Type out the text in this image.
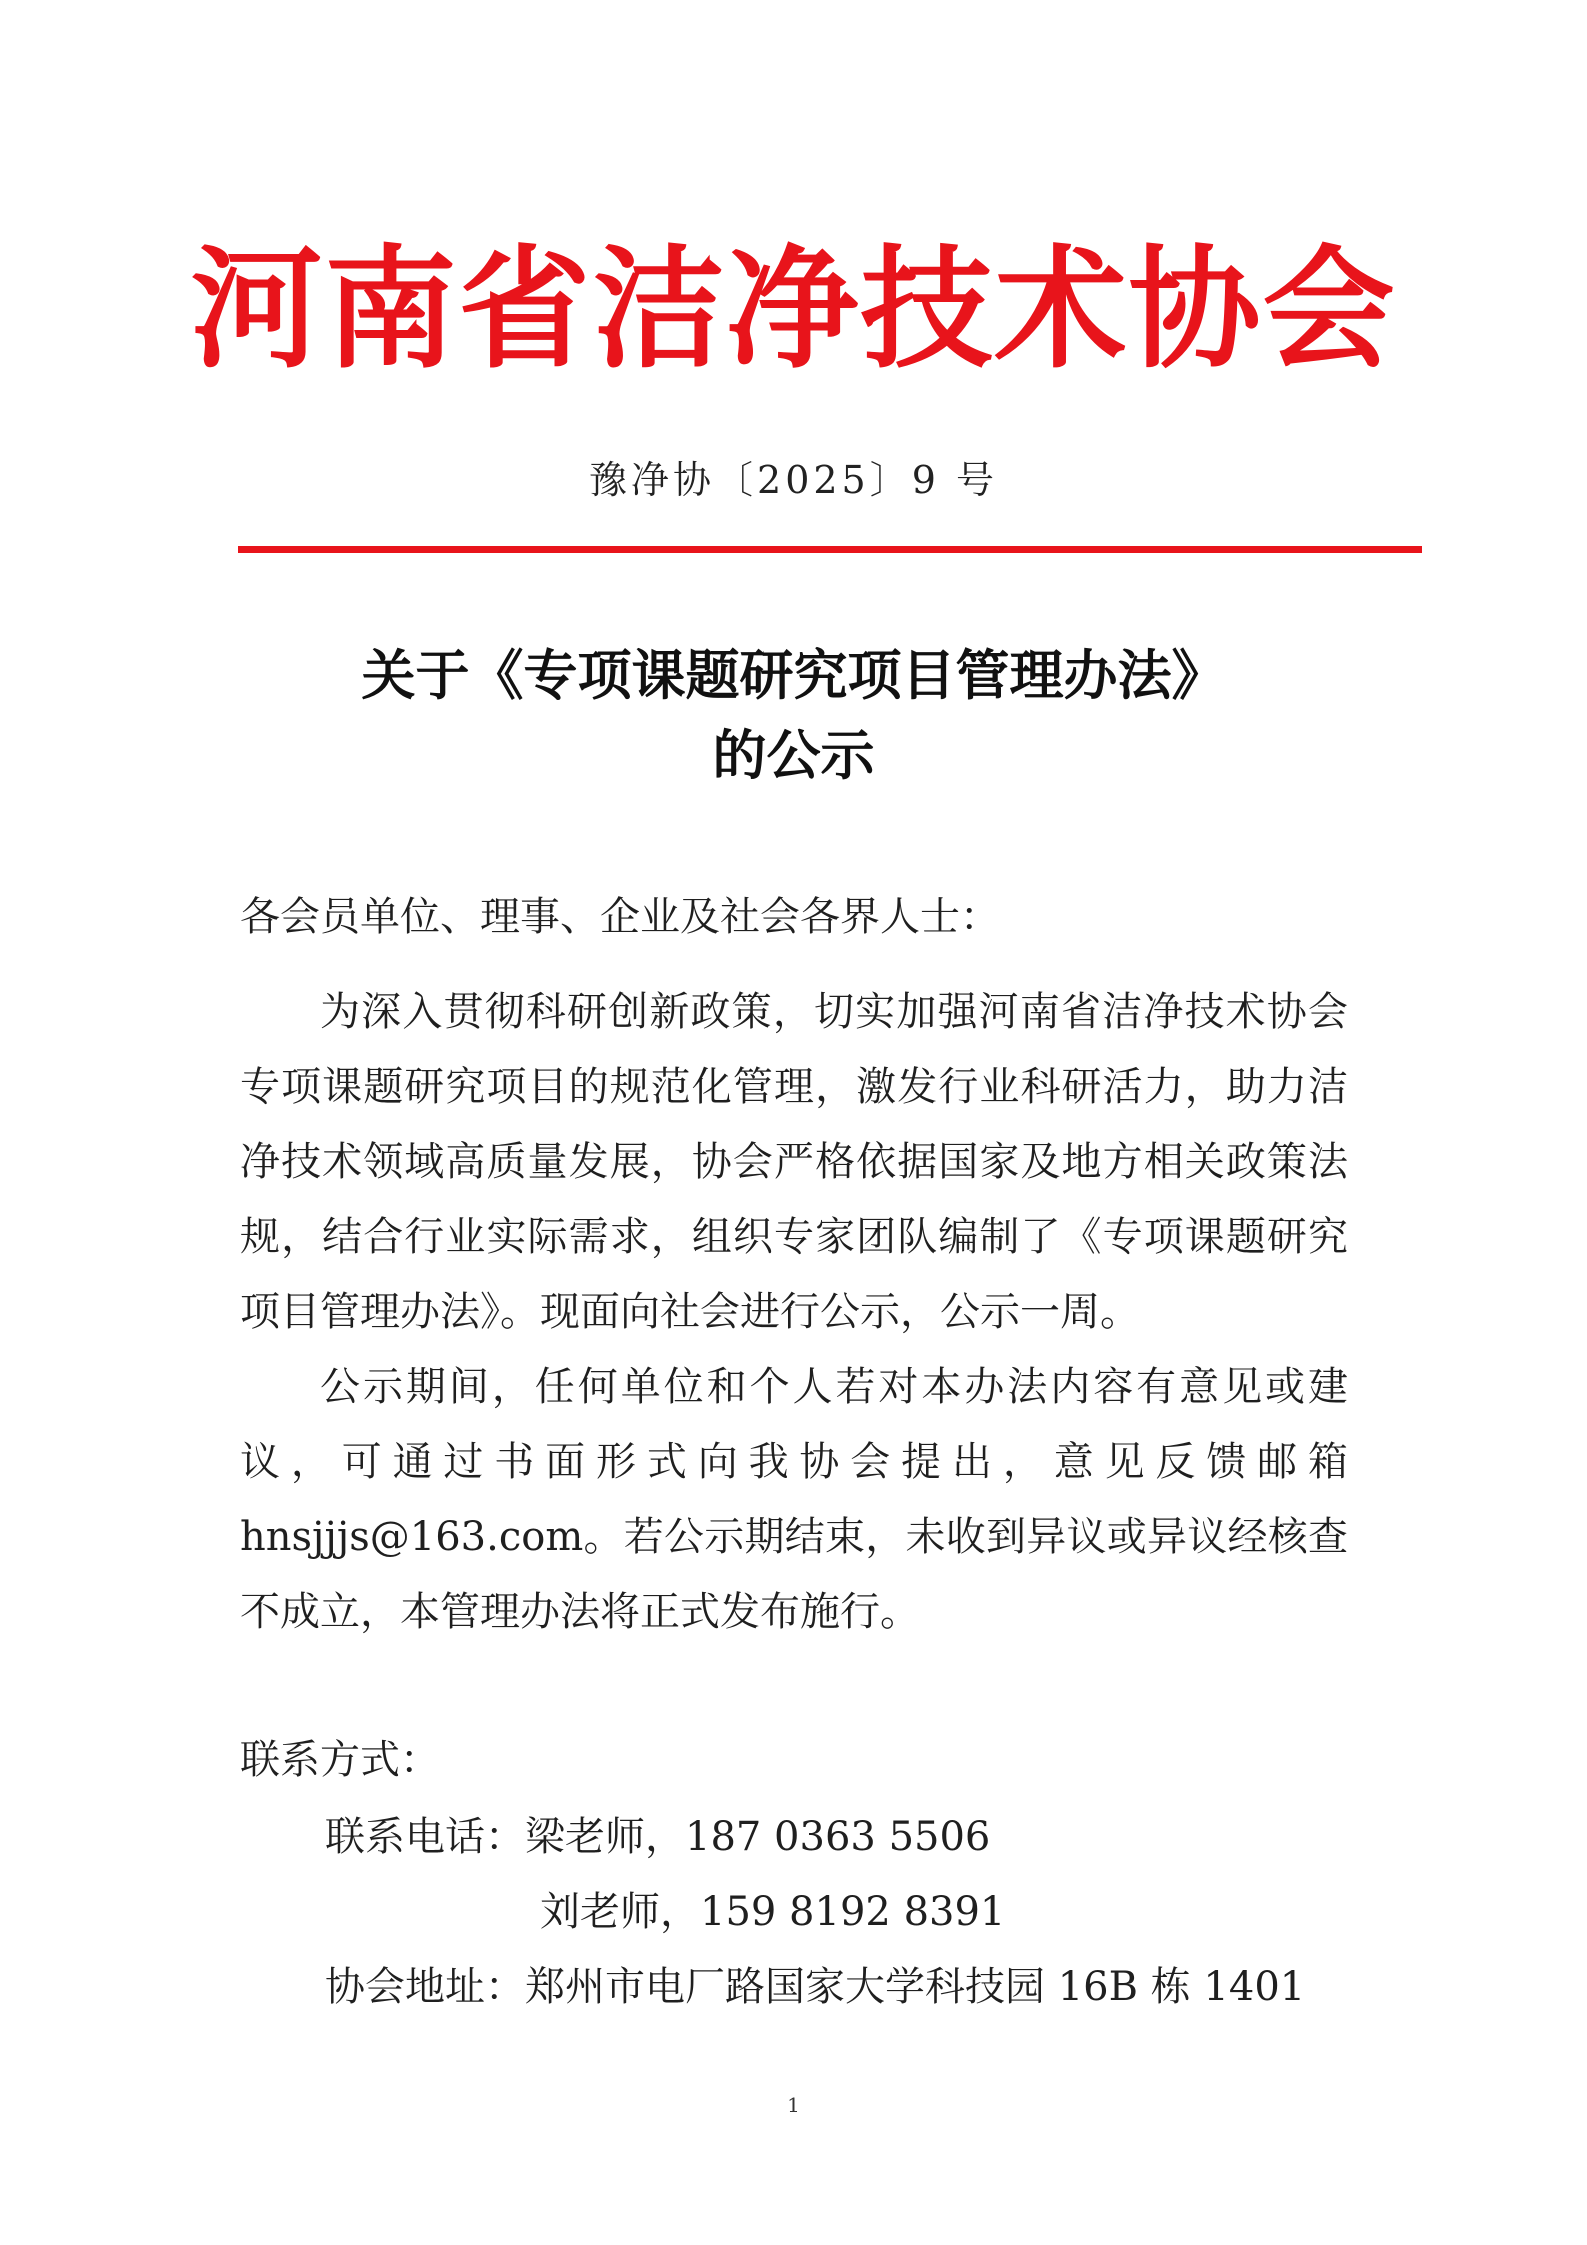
河南省洁净技术协会
豫净协〔2025〕9 号
关于《专项课题研究项目管理办法》
的公示
各会员单位、理事、企业及社会各界人士：

为深入贯彻科研创新政策，切实加强河南省洁净技术协会专项课题研究项目的规范化管理，激发行业科研活力，助力洁净技术领域高质量发展，协会严格依据国家及地方相关政策法规，结合行业实际需求，组织专家团队编制了《专项课题研究项目管理办法》。现面向社会进行公示，公示一周。

公示期间，任何单位和个人若对本办法内容有意见或建议，可通过书面形式向我协会提出，意见反馈邮箱hnsjjjs@163.com。若公示期结束，未收到异议或异议经核查不成立，本管理办法将正式发布施行。

联系方式：
联系电话：梁老师，187 0363 5506
刘老师，159 8192 8391
协会地址：郑州市电厂路国家大学科技园 16B 栋 1401
1
